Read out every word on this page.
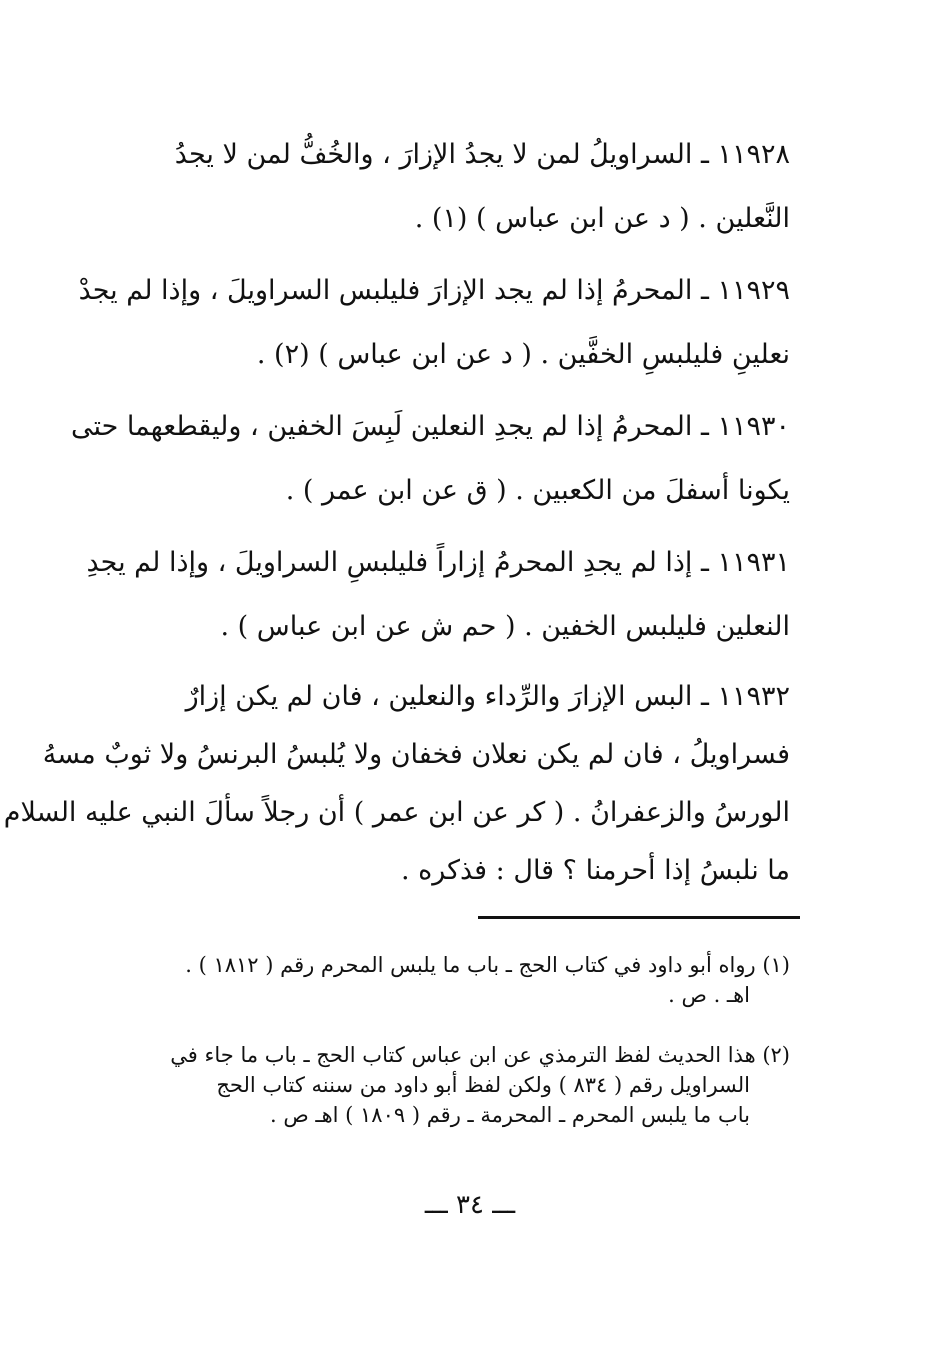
١١٩٢٨ ـ السراويلُ لمن لا يجدُ الإزارَ ، والخُفُّ لمن لا يجدُ
النَّعلين . ( د عن ابن عباس ) (١) .
١١٩٢٩ ـ المحرمُ إذا لم يجد الإزارَ فليلبس السراويلَ ، وإذا لم يجدْ
نعلينِ فليلبسِ الخفَّين . ( د عن ابن عباس ) (٢) .
١١٩٣٠ ـ المحرمُ إذا لم يجدِ النعلين لَبِسَ الخفين ، وليقطعهما حتى
يكونا أسفلَ من الكعبين . ( ق عن ابن عمر ) .
١١٩٣١ ـ إذا لم يجدِ المحرمُ إزاراً فليلبسِ السراويلَ ، وإذا لم يجدِ
النعلين فليلبس الخفين . ( حم ش عن ابن عباس ) .
١١٩٣٢ ـ البس الإزارَ والرِّداء والنعلين ، فان لم يكن إزارٌ
فسراويلُ ، فان لم يكن نعلان فخفان ولا يُلبسُ البرنسُ ولا ثوبٌ مسهُ
الورسُ والزعفرانُ . ( كر عن ابن عمر ) أن رجلاً سألَ النبي عليه السلام
ما نلبسُ إذا أحرمنا ؟ قال : فذكره .
(١) رواه أبو داود في كتاب الحج ـ باب ما يلبس المحرم رقم ( ١٨١٢ ) .
اهـ . ص .
(٢) هذا الحديث لفظ الترمذي عن ابن عباس كتاب الحج ـ باب ما جاء في
السراويل رقم ( ٨٣٤ ) ولكن لفظ أبو داود من سننه كتاب الحج
باب ما يلبس المحرم ـ المحرمة ـ رقم ( ١٨٠٩ ) اهـ ص .
ـــ ٣٤ ـــ
